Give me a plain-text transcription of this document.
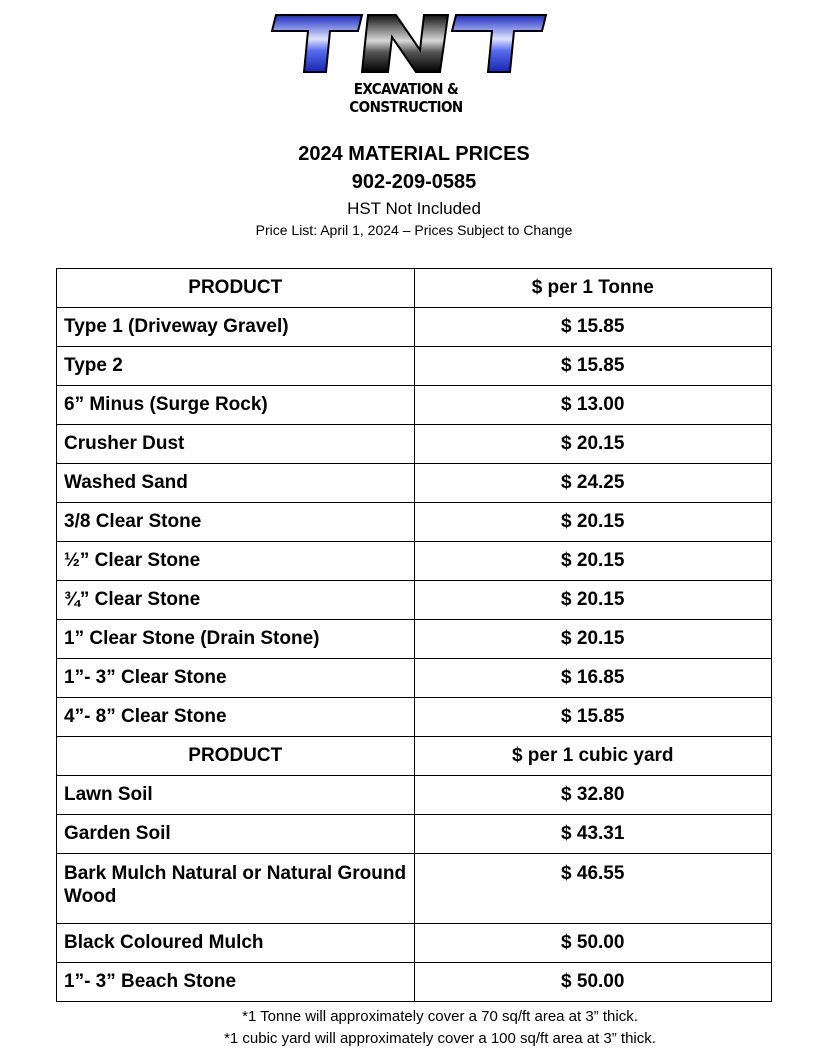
EXCAVATION & CONSTRUCTION
2024 MATERIAL PRICES
902-209-0585
HST Not Included
Price List: April 1, 2024 – Prices Subject to Change
PRODUCT	$ per 1 Tonne
Type 1 (Driveway Gravel)	$ 15.85
Type 2	$ 15.85
6” Minus (Surge Rock)	$ 13.00
Crusher Dust	$ 20.15
Washed Sand	$ 24.25
3/8 Clear Stone	$ 20.15
½” Clear Stone	$ 20.15
¾” Clear Stone	$ 20.15
1” Clear Stone (Drain Stone)	$ 20.15
1”- 3” Clear Stone	$ 16.85
4”- 8” Clear Stone	$ 15.85
PRODUCT	$ per 1 cubic yard
Lawn Soil	$ 32.80
Garden Soil	$ 43.31
Bark Mulch Natural or Natural Ground Wood	$ 46.55
Black Coloured Mulch	$ 50.00
1”- 3” Beach Stone	$ 50.00
*1 Tonne will approximately cover a 70 sq/ft area at 3” thick.
*1 cubic yard will approximately cover a 100 sq/ft area at 3” thick.
